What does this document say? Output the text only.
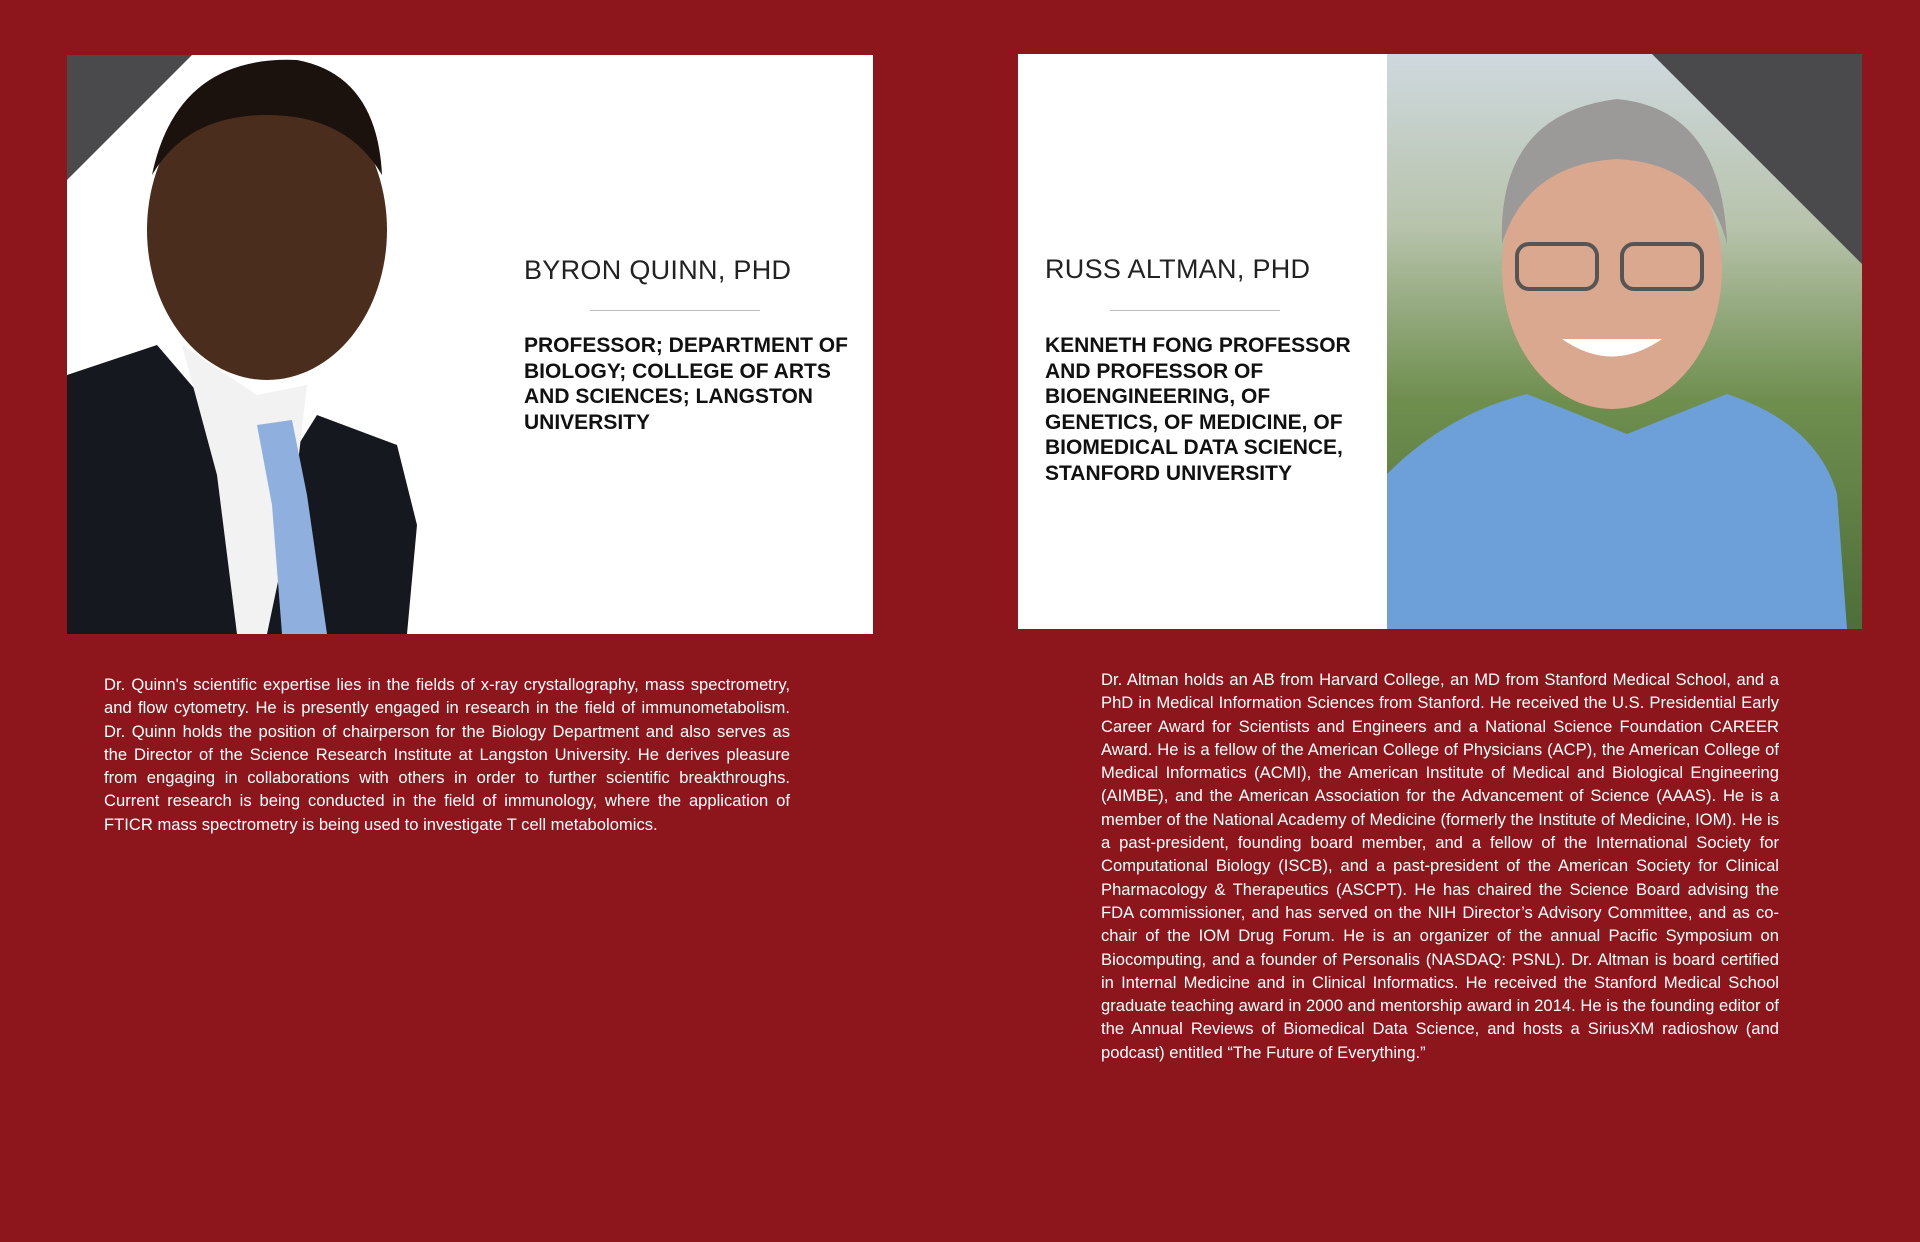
BYRON QUINN, PHD
PROFESSOR; DEPARTMENT OF BIOLOGY; COLLEGE OF ARTS AND SCIENCES; LANGSTON UNIVERSITY
RUSS ALTMAN, PHD
KENNETH FONG PROFESSOR AND PROFESSOR OF BIOENGINEERING, OF GENETICS, OF MEDICINE, OF BIOMEDICAL DATA SCIENCE, STANFORD UNIVERSITY
Dr. Quinn's scientific expertise lies in the fields of x-ray crystallography, mass spectrometry, and flow cytometry. He is presently engaged in research in the field of immunometabolism. Dr. Quinn holds the position of chairperson for the Biology Department and also serves as the Director of the Science Research Institute at Langston University. He derives pleasure from engaging in collaborations with others in order to further scientific breakthroughs. Current research is being conducted in the field of immunology, where the application of FTICR mass spectrometry is being used to investigate T cell metabolomics.
Dr. Altman holds an AB from Harvard College, an MD from Stanford Medical School, and a PhD in Medical Information Sciences from Stanford. He received the U.S. Presidential Early Career Award for Scientists and Engineers and a National Science Foundation CAREER Award. He is a fellow of the American College of Physicians (ACP), the American College of Medical Informatics (ACMI), the American Institute of Medical and Biological Engineering (AIMBE), and the American Association for the Advancement of Science (AAAS). He is a member of the National Academy of Medicine (formerly the Institute of Medicine, IOM). He is a past-president, founding board member, and a fellow of the International Society for Computational Biology (ISCB), and a past-president of the American Society for Clinical Pharmacology & Therapeutics (ASCPT). He has chaired the Science Board advising the FDA commissioner, and has served on the NIH Director’s Advisory Committee, and as co-chair of the IOM Drug Forum. He is an organizer of the annual Pacific Symposium on Biocomputing, and a founder of Personalis (NASDAQ: PSNL). Dr. Altman is board certified in Internal Medicine and in Clinical Informatics. He received the Stanford Medical School graduate teaching award in 2000 and mentorship award in 2014. He is the founding editor of the Annual Reviews of Biomedical Data Science, and hosts a SiriusXM radioshow (and podcast) entitled “The Future of Everything.”
